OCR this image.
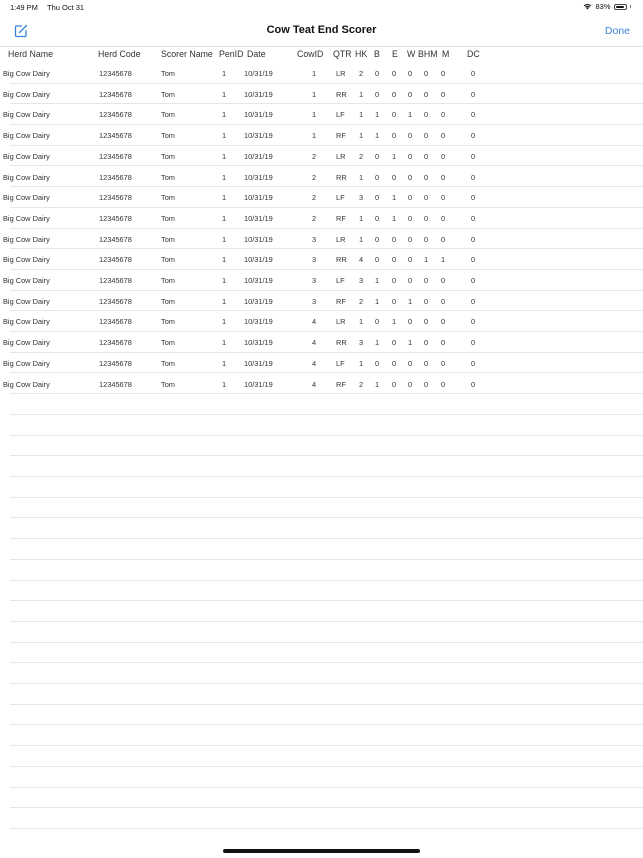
1:49 PM Thu Oct 31	83%
Cow Teat End Scorer	Done
Herd Name	Herd Code Scorer Name PenID Date	CowID QTR HK B E W BHM M DC
Big Cow Dairy	12345678	Tom	1 10/31/19	1	LR 2 0 0 0 0 0	0
Big Cow Dairy	12345678	Tom	1 10/31/19	1	RR 1 0 0 0 0 0	0
Big Cow Dairy	12345678	Tom	1 10/31/19	1	LF 1 1 0 1 0 0	0
Big Cow Dairy	12345678	Tom	1 10/31/19	1	RF 1 1 0 0 0 0	0
Big Cow Dairy	12345678	Tom	1 10/31/19	2	LR 2 0 1 0 0 0	0
Big Cow Dairy	12345678	Tom	1 10/31/19	2	RR 1 0 0 0 0 0	0
Big Cow Dairy	12345678	Tom	1 10/31/19	2	LF 3 0 1 0 0 0	0
Big Cow Dairy	12345678	Tom	1 10/31/19	2	RF 1 0 1 0 0 0	0
Big Cow Dairy	12345678	Tom	1 10/31/19	3	LR 1 0 0 0 0 0	0
Big Cow Dairy	12345678	Tom	1 10/31/19	3	RR 4 0 0 0 1 1	0
Big Cow Dairy	12345678	Tom	1 10/31/19	3	LF 3 1 0 0 0 0	0
Big Cow Dairy	12345678	Tom	1 10/31/19	3	RF 2 1 0 1 0 0	0
Big Cow Dairy	12345678	Tom	1 10/31/19	4	LR 1 0 1 0 0 0	0
Big Cow Dairy	12345678	Tom	1 10/31/19	4	RR 3 1 0 1 0 0	0
Big Cow Dairy	12345678	Tom	1 10/31/19	4	LF 1 0 0 0 0 0	0
Big Cow Dairy	12345678	Tom	1 10/31/19	4	RF 2 1 0 0 0 0	0
